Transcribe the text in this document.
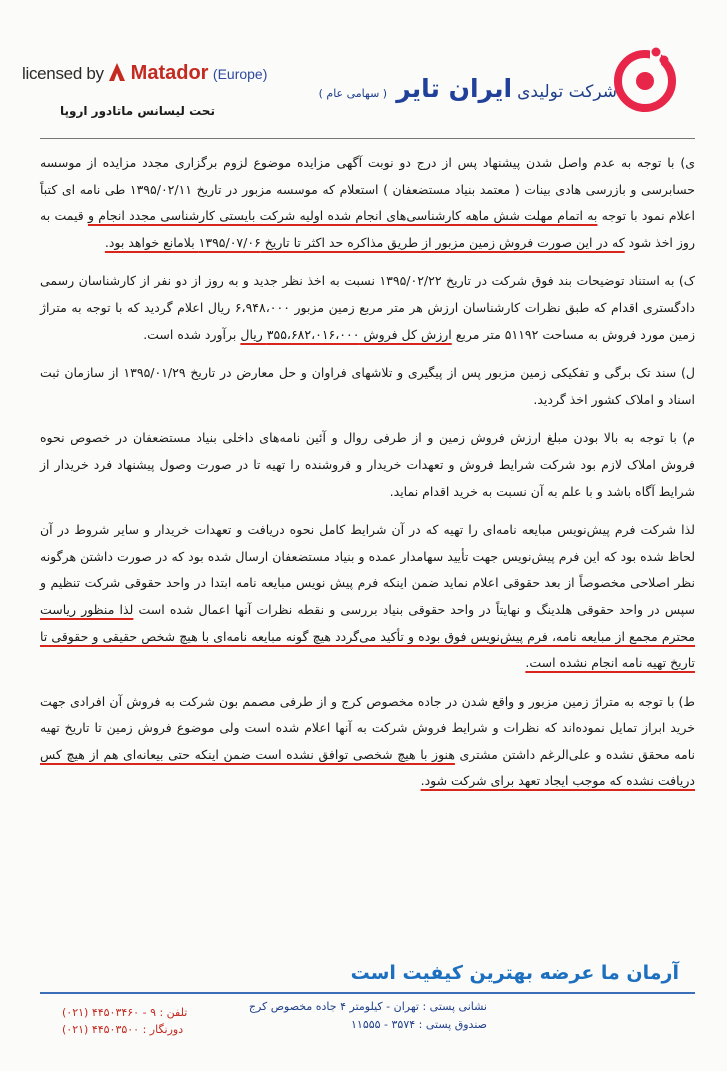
شرکت تولیدی ایران تایر ( سهامی عام )
licensed by Matador (Europe)
تحت لیسانس ماتادور اروپا

ی) با توجه به عدم واصل شدن پیشنهاد پس از درج دو نوبت آگهی مزایده موضوع لزوم برگزاری مجدد مزایده از موسسه حسابرسی و بازرسی هادی بینات ( معتمد بنیاد مستضعفان ) استعلام که موسسه مزبور در تاریخ ۱۳۹۵/۰۲/۱۱ طی نامه ای کتباً اعلام نمود با توجه به اتمام مهلت شش ماهه کارشناسی‌های انجام شده اولیه شرکت بایستی کارشناسی مجدد انجام و قیمت به روز اخذ شود که در این صورت فروش زمین مزبور از طریق مذاکره حد اکثر تا تاریخ ۱۳۹۵/۰۷/۰۶ بلامانع خواهد بود.

ک) به استناد توضیحات بند فوق شرکت در تاریخ ۱۳۹۵/۰۲/۲۲ نسبت به اخذ نظر جدید و به روز از دو نفر از کارشناسان رسمی دادگستری اقدام که طبق نظرات کارشناسان ارزش هر متر مربع زمین مزبور ۶،۹۴۸،۰۰۰ ریال اعلام گردید که با توجه به متراژ زمین مورد فروش به مساحت ۵۱۱۹۲ متر مربع ارزش کل فروش ۳۵۵،۶۸۲،۰۱۶،۰۰۰ ریال برآورد شده است.

ل) سند تک برگی و تفکیکی زمین مزبور پس از پیگیری و تلاشهای فراوان و حل معارض در تاریخ ۱۳۹۵/۰۱/۲۹ از سازمان ثبت اسناد و املاک کشور اخذ گردید.

م) با توجه به بالا بودن مبلغ ارزش فروش زمین و از طرفی روال و آئین نامه‌های داخلی بنیاد مستضعفان در خصوص نحوه فروش املاک لازم بود شرکت شرایط فروش و تعهدات خریدار و فروشنده را تهیه تا در صورت وصول پیشنهاد فرد خریدار از شرایط آگاه باشد و با علم به آن نسبت به خرید اقدام نماید.

لذا شرکت فرم پیش‌نویس مبایعه نامه‌ای را تهیه که در آن شرایط کامل نحوه دریافت و تعهدات خریدار و سایر شروط در آن لحاظ شده بود که این فرم پیش‌نویس جهت تأیید سهامدار عمده و بنیاد مستضعفان ارسال شده بود که در صورت داشتن هرگونه نظر اصلاحی مخصوصاً از بعد حقوقی اعلام نماید ضمن اینکه فرم پیش نویس مبایعه نامه ابتدا در واحد حقوقی شرکت تنظیم و سپس در واحد حقوقی هلدینگ و نهایتاً در واحد حقوقی بنیاد بررسی و نقطه نظرات آنها اعمال شده است لذا منظور ریاست محترم مجمع از مبایعه نامه، فرم پیش‌نویس فوق بوده و تأکید می‌گردد هیچ گونه مبایعه نامه‌ای با هیچ شخص حقیقی و حقوقی تا تاریخ تهیه نامه انجام نشده است.

ط) با توجه به متراژ زمین مزبور و واقع شدن در جاده مخصوص کرج و از طرفی مصمم بون شرکت به فروش آن افرادی جهت خرید ابراز تمایل نموده‌اند که نظرات و شرایط فروش شرکت به آنها اعلام شده است ولی موضوع فروش زمین تا تاریخ تهیه نامه محقق نشده و علی‌الرغم داشتن مشتری هنوز با هیچ شخصی توافق نشده است ضمن اینکه حتی بیعانه‌ای هم از هیچ کس دریافت نشده که موجب ایجاد تعهد برای شرکت شود.

آرمان ما عرضه بهترین کیفیت است
نشانی پستی : تهران - کیلومتر ۴ جاده مخصوص کرج
صندوق پستی : ۳۵۷۴ - ۱۱۵۵۵
تلفن : ۹ - ۴۴۵۰۳۴۶۰ (۰۲۱)
دورنگار : ۴۴۵۰۳۵۰۰ (۰۲۱)
